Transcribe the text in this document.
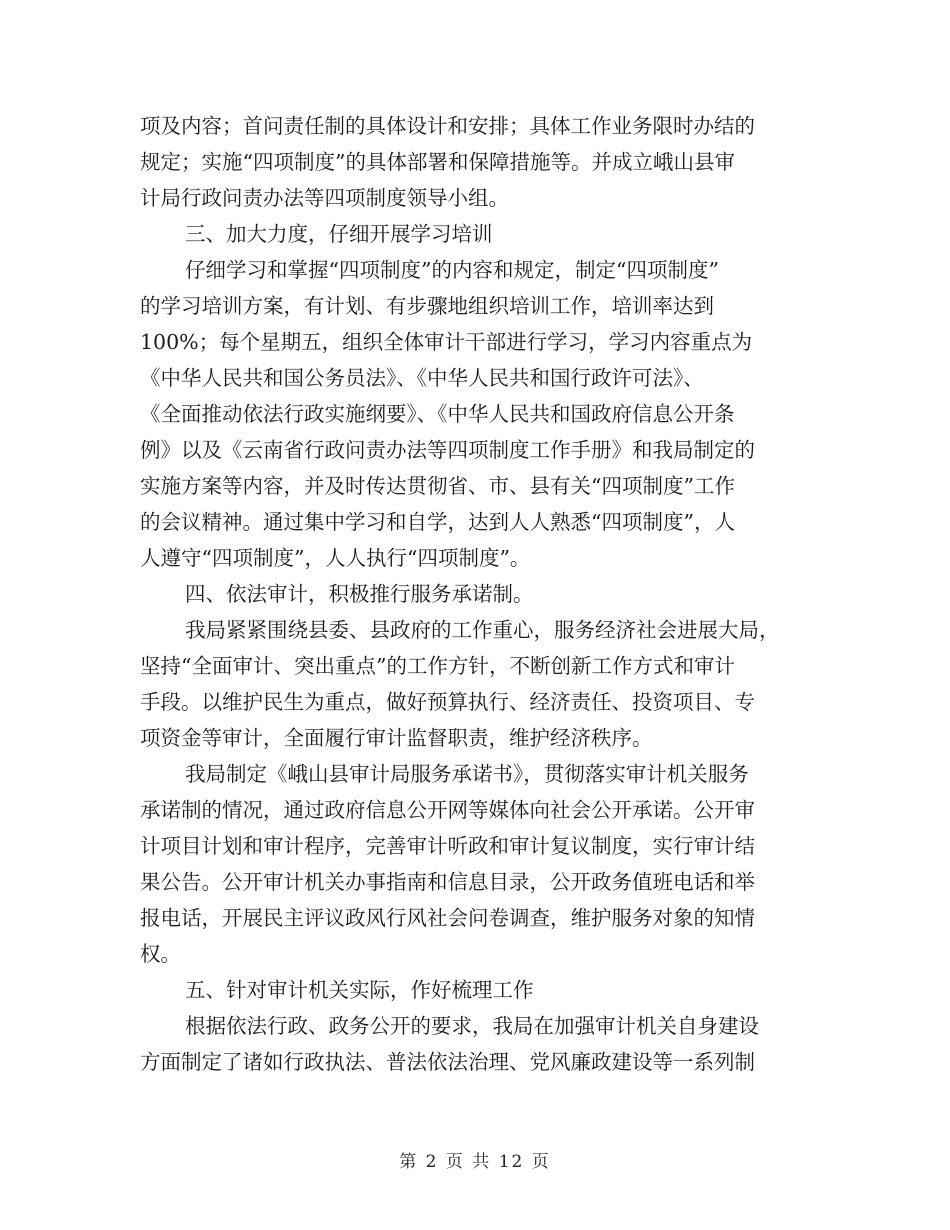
项及内容；首问责任制的具体设计和安排；具体工作业务限时办结的
规定；实施“四项制度”的具体部署和保障措施等。并成立峨山县审
计局行政问责办法等四项制度领导小组。
三、加大力度，仔细开展学习培训
仔细学习和掌握“四项制度”的内容和规定，制定“四项制度”
的学习培训方案，有计划、有步骤地组织培训工作，培训率达到
100%；每个星期五，组织全体审计干部进行学习，学习内容重点为
《中华人民共和国公务员法》、《中华人民共和国行政许可法》、
《全面推动依法行政实施纲要》、《中华人民共和国政府信息公开条
例》以及《云南省行政问责办法等四项制度工作手册》和我局制定的
实施方案等内容，并及时传达贯彻省、市、县有关“四项制度”工作
的会议精神。通过集中学习和自学，达到人人熟悉“四项制度”，人
人遵守“四项制度”，人人执行“四项制度”。
四、依法审计，积极推行服务承诺制。
我局紧紧围绕县委、县政府的工作重心，服务经济社会进展大局，
坚持“全面审计、突出重点”的工作方针，不断创新工作方式和审计
手段。以维护民生为重点，做好预算执行、经济责任、投资项目、专
项资金等审计，全面履行审计监督职责，维护经济秩序。
我局制定《峨山县审计局服务承诺书》，贯彻落实审计机关服务
承诺制的情况，通过政府信息公开网等媒体向社会公开承诺。公开审
计项目计划和审计程序，完善审计听政和审计复议制度，实行审计结
果公告。公开审计机关办事指南和信息目录，公开政务值班电话和举
报电话，开展民主评议政风行风社会问卷调查，维护服务对象的知情
权。
五、针对审计机关实际，作好梳理工作
根据依法行政、政务公开的要求，我局在加强审计机关自身建设
方面制定了诸如行政执法、普法依法治理、党风廉政建设等一系列制
第 2 页 共 12 页
